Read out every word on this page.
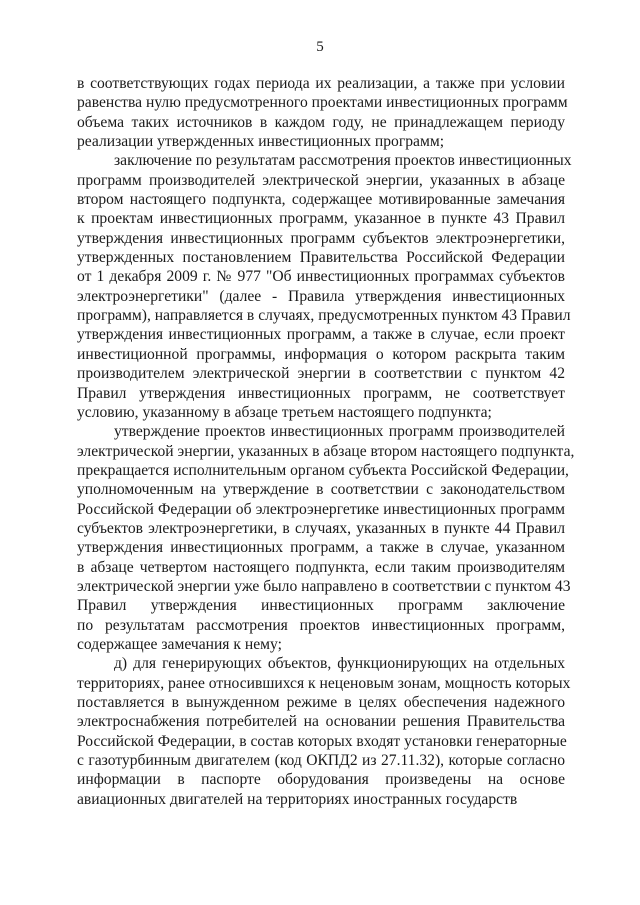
5
в соответствующих годах периода их реализации, а также при условии
равенства нулю предусмотренного проектами инвестиционных программ
объема таких источников в каждом году, не принадлежащем периоду
реализации утвержденных инвестиционных программ;
заключение по результатам рассмотрения проектов инвестиционных
программ производителей электрической энергии, указанных в абзаце
втором настоящего подпункта, содержащее мотивированные замечания
к проектам инвестиционных программ, указанное в пункте 43 Правил
утверждения инвестиционных программ субъектов электроэнергетики,
утвержденных постановлением Правительства Российской Федерации
от 1 декабря 2009 г. № 977 "Об инвестиционных программах субъектов
электроэнергетики" (далее - Правила утверждения инвестиционных
программ), направляется в случаях, предусмотренных пунктом 43 Правил
утверждения инвестиционных программ, а также в случае, если проект
инвестиционной программы, информация о котором раскрыта таким
производителем электрической энергии в соответствии с пунктом 42
Правил утверждения инвестиционных программ, не соответствует
условию, указанному в абзаце третьем настоящего подпункта;
утверждение проектов инвестиционных программ производителей
электрической энергии, указанных в абзаце втором настоящего подпункта,
прекращается исполнительным органом субъекта Российской Федерации,
уполномоченным на утверждение в соответствии с законодательством
Российской Федерации об электроэнергетике инвестиционных программ
субъектов электроэнергетики, в случаях, указанных в пункте 44 Правил
утверждения инвестиционных программ, а также в случае, указанном
в абзаце четвертом настоящего подпункта, если таким производителям
электрической энергии уже было направлено в соответствии с пунктом 43
Правил утверждения инвестиционных программ заключение
по результатам рассмотрения проектов инвестиционных программ,
содержащее замечания к нему;
д) для генерирующих объектов, функционирующих на отдельных
территориях, ранее относившихся к неценовым зонам, мощность которых
поставляется в вынужденном режиме в целях обеспечения надежного
электроснабжения потребителей на основании решения Правительства
Российской Федерации, в состав которых входят установки генераторные
с газотурбинным двигателем (код ОКПД2 из 27.11.32), которые согласно
информации в паспорте оборудования произведены на основе
авиационных двигателей на территориях иностранных государств
